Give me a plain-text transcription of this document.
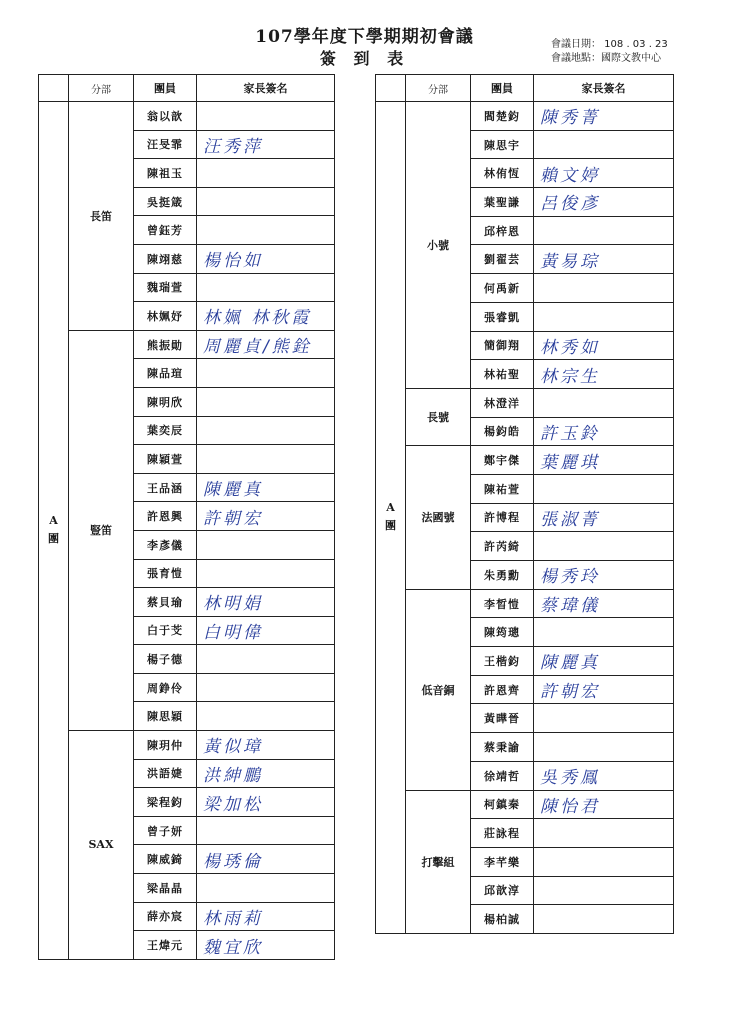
107學年度下學期期初會議
簽 到 表
會議日期： 108 . 03 . 23
會議地點：國際文教中心
	分部	團員	家長簽名
A
團	長笛	翁以歆	
		汪旻霏	汪秀萍
		陳祖玉	
		吳挺箴	
		曾鈺芳	
		陳翊慈	楊怡如
		魏瑞萱	
		林姵妤	林姵 林秋霞
	豎笛	熊振勛	周麗貞/熊銓
		陳品瑄	
		陳明欣	
		葉奕辰	
		陳穎萱	
		王品涵	陳麗真
		許恩興	許朝宏
		李彥儀	
		張育愷	
		蔡貝瑜	林明娟
		白于芠	白明偉
		楊子德	
		周錚伶	
		陳思穎	
	SAX	陳玥仲	黃似璋
		洪語婕	洪紳鵬
		梁程鈞	梁加松
		曾子妍	
		陳威錡	楊琇倫
		梁晶晶	
		薛亦宸	林雨莉
		王煒元	魏宜欣
	分部	團員	家長簽名
A
團	小號	閻楚鈞	陳秀菁
		陳思宇	
		林侑恆	賴文婷
		葉聖謙	呂俊彥
		邱梓恩	
		劉翟芸	黃易琮
		何禹新	
		張睿凱	
		簡御翔	林秀如
		林祐聖	林宗生
	長號	林澄洋	
		楊鈞皓	許玉鈴
	法國號	鄭宇傑	葉麗琪
		陳祐萱	
		許博程	張淑菁
		許芮綺	
		朱勇勳	楊秀玲
	低音銅	李晳愷	蔡瑋儀
		陳筠璁	
		王楷鈞	陳麗真
		許恩齊	許朝宏
		黃曄晉	
		蔡秉諭	
		徐靖哲	吳秀鳳
	打擊組	柯鎮秦	陳怡君
		莊詠程	
		李芊樂	
		邱歆淳	
		楊柏誠	
